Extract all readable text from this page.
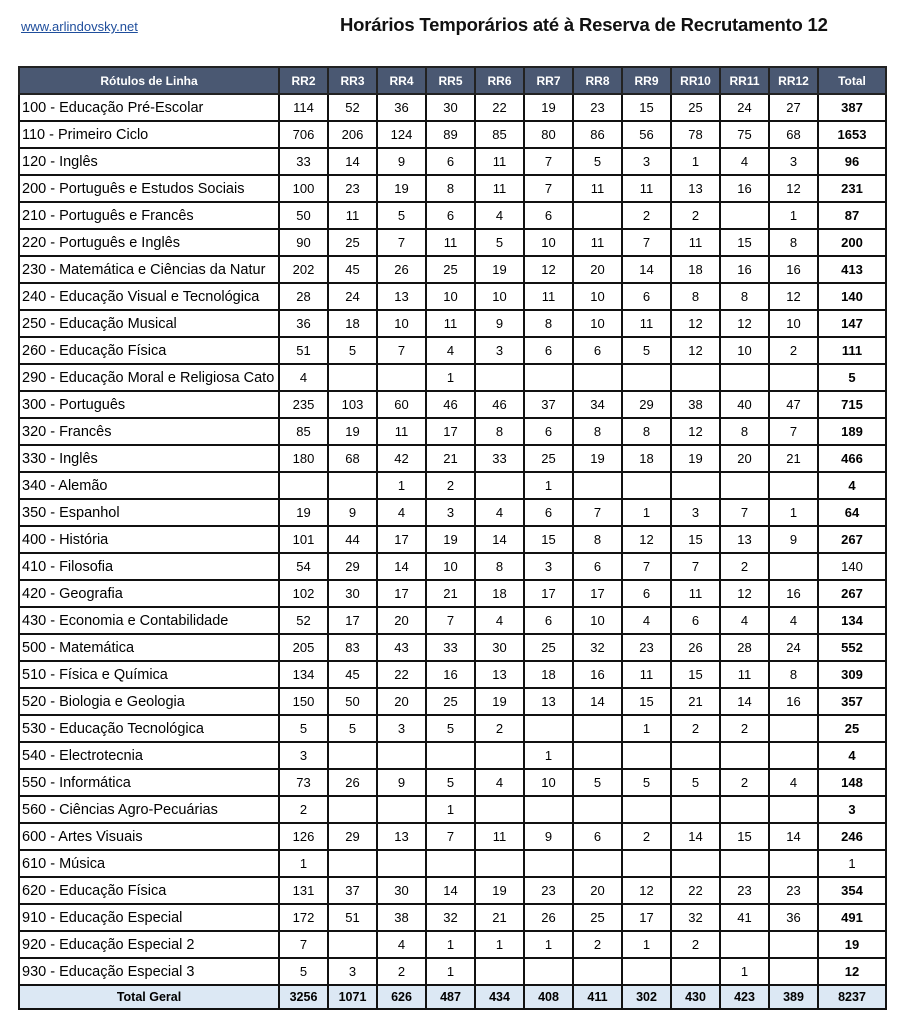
www.arlindovsky.net	Horários Temporários até à Reserva de Recrutamento 12
Rótulos de Linha	RR2	RR3	RR4	RR5	RR6	RR7	RR8	RR9	RR10	RR11	RR12	Total
100 - Educação Pré-Escolar	114	52	36	30	22	19	23	15	25	24	27	387
110 - Primeiro Ciclo	706	206	124	89	85	80	86	56	78	75	68	1653
120 - Inglês	33	14	9	6	11	7	5	3	1	4	3	96
200 - Português e Estudos Sociais	100	23	19	8	11	7	11	11	13	16	12	231
210 - Português e Francês	50	11	5	6	4	6		2	2		1	87
220 - Português e Inglês	90	25	7	11	5	10	11	7	11	15	8	200
230 - Matemática e Ciências da Natur	202	45	26	25	19	12	20	14	18	16	16	413
240 - Educação Visual e Tecnológica	28	24	13	10	10	11	10	6	8	8	12	140
250 - Educação Musical	36	18	10	11	9	8	10	11	12	12	10	147
260 - Educação Física	51	5	7	4	3	6	6	5	12	10	2	111
290 - Educação Moral e Religiosa Cato	4			1								5
300 - Português	235	103	60	46	46	37	34	29	38	40	47	715
320 - Francês	85	19	11	17	8	6	8	8	12	8	7	189
330 - Inglês	180	68	42	21	33	25	19	18	19	20	21	466
340 - Alemão			1	2		1						4
350 - Espanhol	19	9	4	3	4	6	7	1	3	7	1	64
400 - História	101	44	17	19	14	15	8	12	15	13	9	267
410 - Filosofia	54	29	14	10	8	3	6	7	7	2		140
420 - Geografia	102	30	17	21	18	17	17	6	11	12	16	267
430 - Economia e Contabilidade	52	17	20	7	4	6	10	4	6	4	4	134
500 - Matemática	205	83	43	33	30	25	32	23	26	28	24	552
510 - Física e Química	134	45	22	16	13	18	16	11	15	11	8	309
520 - Biologia e Geologia	150	50	20	25	19	13	14	15	21	14	16	357
530 - Educação Tecnológica	5	5	3	5	2			1	2	2		25
540 - Electrotecnia	3					1						4
550 - Informática	73	26	9	5	4	10	5	5	5	2	4	148
560 - Ciências Agro-Pecuárias	2			1								3
600 - Artes Visuais	126	29	13	7	11	9	6	2	14	15	14	246
610 - Música	1											1
620 - Educação Física	131	37	30	14	19	23	20	12	22	23	23	354
910 - Educação Especial	172	51	38	32	21	26	25	17	32	41	36	491
920 - Educação Especial 2	7		4	1	1	1	2	1	2			19
930 - Educação Especial 3	5	3	2	1						1		12
Total Geral	3256	1071	626	487	434	408	411	302	430	423	389	8237
